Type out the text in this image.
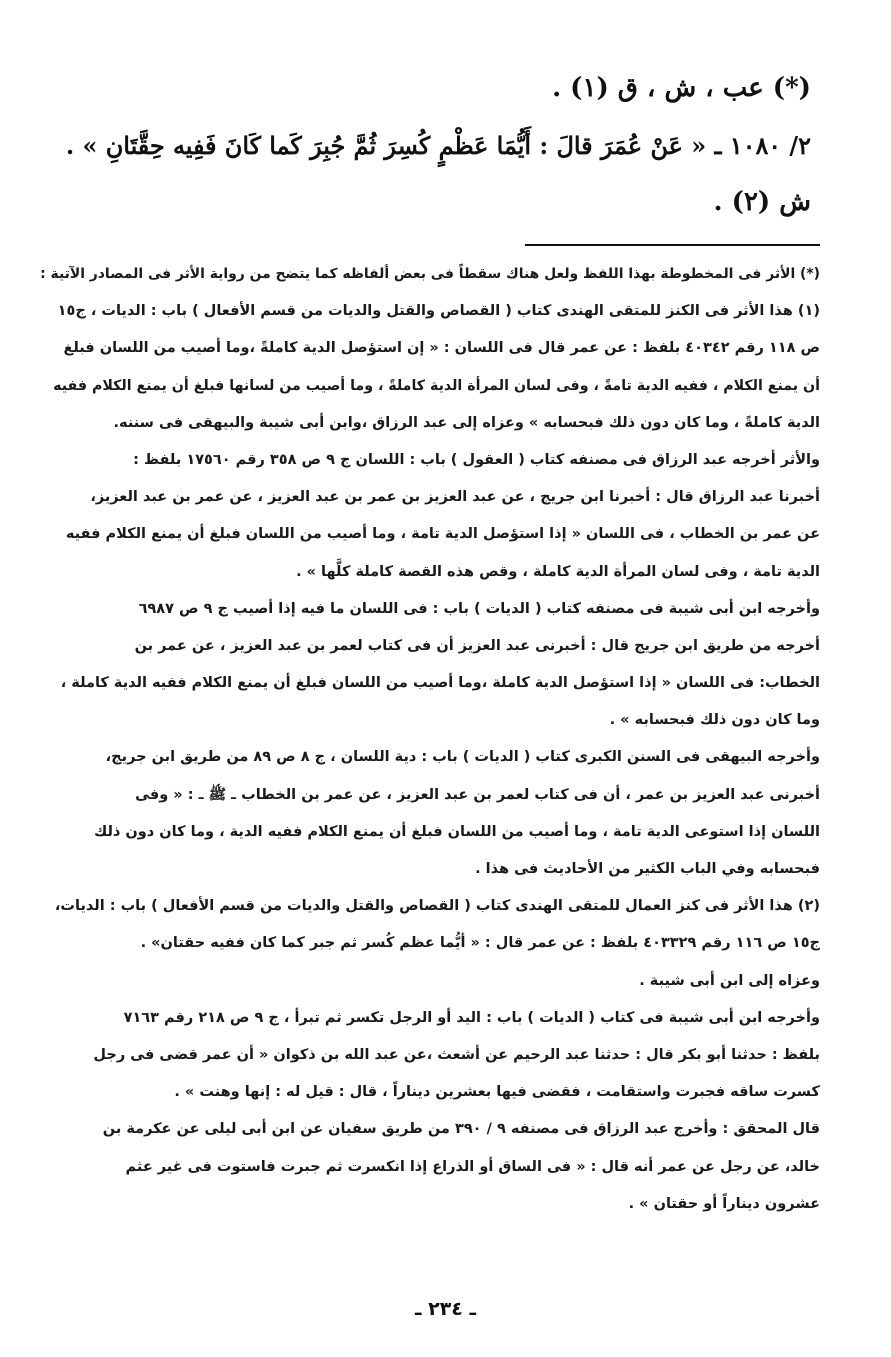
(*) عب ، ش ، ق (١) .
٢/ ١٠٨٠ ـ « عَنْ عُمَرَ قالَ : أَيُّمَا عَظْمٍ كُسِرَ ثُمَّ جُبِرَ كَما كَانَ فَفِيه حِقَّتَانِ » .
ش (٢) .
(*) الأثر فى المخطوطة بهذا اللفظ ولعل هناك سقطاً فى بعض ألفاظه كما يتضح من رواية الأثر فى المصادر الآتية :
(١) هذا الأثر فى الكنز للمتقى الهندى كتاب ( القصاص والقتل والديات من قسم الأفعال ) باب : الديات ، ج١٥
ص ١١٨ رقم ٤٠٣٤٢ بلفظ : عن عمر قال فى اللسان : « إن استؤصل الدية كاملةً ،وما أصيب من اللسان فبلغ
أن يمنع الكلام ، ففيه الدية تامةً ، وفى لسان المرأة الدية كاملةً ، وما أصيب من لسانها فبلغ أن يمنع الكلام ففيه
الدية كاملةً ، وما كان دون ذلك فبحسابه » وعزاه إلى عبد الرزاق ،وابن أبى شيبة والبيهقى فى سننه.
والأثر أخرجه عبد الرزاق فى مصنفه كتاب ( العقول ) باب : اللسان ج ٩ ص ٣٥٨ رقم ١٧٥٦٠ بلفظ :
أخبرنا عبد الرزاق قال : أخبرنا ابن جريج ، عن عبد العزيز بن عمر بن عبد العزيز ، عن عمر بن عبد العزيز،
عن عمر بن الخطاب ، فى اللسان « إذا استؤصل الدية تامة ، وما أصيب من اللسان فبلغ أن يمنع الكلام ففيه
الدية تامة ، وفى لسان المرأة الدية كاملة ، وقص هذه القصة كاملة كلَّها » .
وأخرجه ابن أبى شيبة فى مصنفه كتاب ( الديات ) باب : فى اللسان ما فيه إذا أصيب ج ٩ ص ٦٩٨٧
أخرجه من طريق ابن جريج قال : أخبرنى عبد العزيز أن فى كتاب لعمر بن عبد العزيز ، عن عمر بن
الخطاب: فى اللسان « إذا استؤصل الدية كاملة ،وما أصيب من اللسان فبلغ أن يمنع الكلام ففيه الدية كاملة ،
وما كان دون ذلك فبحسابه » .
وأخرجه البيهقى فى السنن الكبرى كتاب ( الديات ) باب : دية اللسان ، ج ٨ ص ٨٩ من طريق ابن جريج،
أخبرنى عبد العزيز بن عمر ، أن فى كتاب لعمر بن عبد العزيز ، عن عمر بن الخطاب ـ ﷺ ـ : « وفى
اللسان إذا استوعى الدية تامة ، وما أصيب من اللسان فبلغ أن يمنع الكلام ففيه الدية ، وما كان دون ذلك
فبحسابه وفي الباب الكثير من الأحاديث فى هذا .
(٢) هذا الأثر فى كنز العمال للمتقى الهندى كتاب ( القصاص والقتل والديات من قسم الأفعال ) باب : الديات،
ج١٥ ص ١١٦ رقم ٤٠٣٣٢٩ بلفظ : عن عمر قال : « أيُّما عظم كُسر ثم جبر كما كان ففيه حقتان» .
وعزاه إلى ابن أبى شيبة .
وأخرجه ابن أبى شيبة فى كتاب ( الديات ) باب : اليد أو الرجل تكسر ثم تبرأ ، ج ٩ ص ٢١٨ رقم ٧١٦٣
بلفظ : حدثنا أبو بكر قال : حدثنا عبد الرحيم عن أشعث ،عن عبد الله بن ذكوان « أن عمر قضى فى رجل
كسرت ساقه فجبرت واستقامت ، فقضى فيها بعشرين ديناراً ، قال : قيل له : إنها وهنت » .
قال المحقق : وأخرج عبد الرزاق فى مصنفه ٩ / ٣٩٠ من طريق سفيان عن ابن أبى ليلى عن عكرمة بن
خالد، عن رجل عن عمر أنه قال : « فى الساق أو الذراع إذا انكسرت ثم جبرت فاستوت فى غير عثم
عشرون ديناراً أو حقتان » .
ـ ٢٣٤ ـ
